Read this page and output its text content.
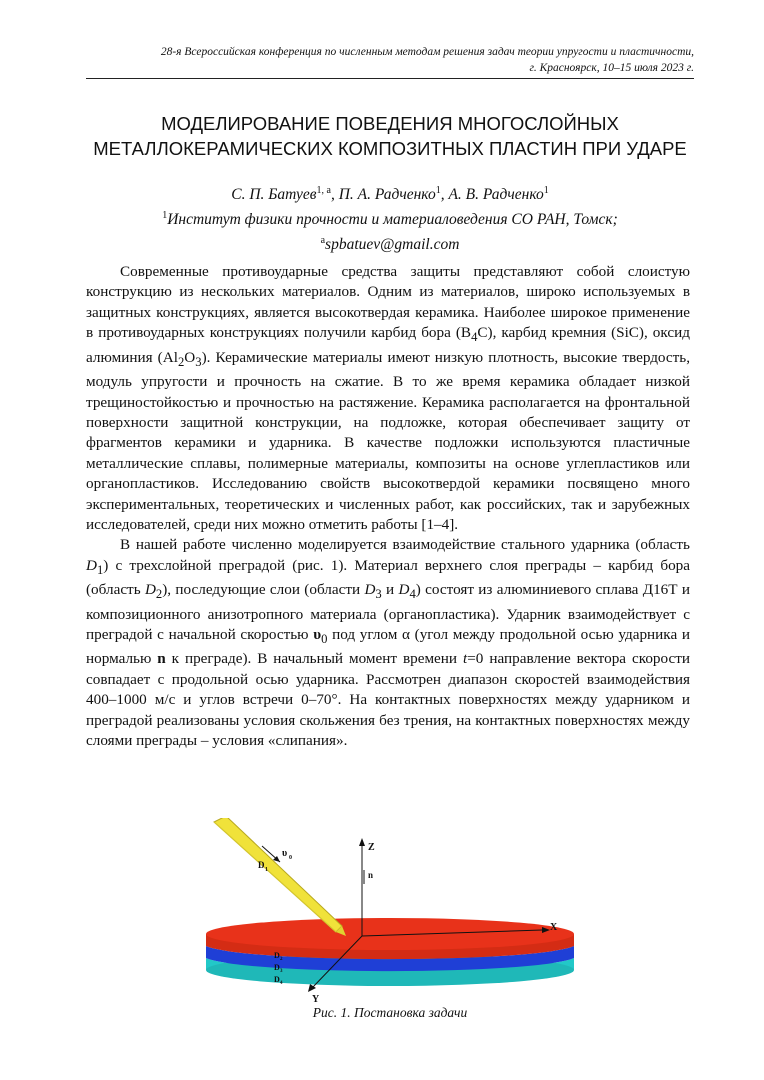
28-я Всероссийская конференция по численным методам решения задач теории упругости и пластичности,
г. Красноярск, 10–15 июля 2023 г.
МОДЕЛИРОВАНИЕ ПОВЕДЕНИЯ МНОГОСЛОЙНЫХ
МЕТАЛЛОКЕРАМИЧЕСКИХ КОМПОЗИТНЫХ ПЛАСТИН ПРИ УДАРЕ
С. П. Батуев$^{1, a}$, П. А. Радченко$^1$, А. В. Радченко$^1$
$^1$Институт физики прочности и материаловедения СО РАН, Томск;
$^a$spbatuev@gmail.com

Современные противоударные средства защиты представляют собой слоистую конструкцию из нескольких материалов. Одним из материалов, широко используемых в защитных конструкциях, является высокотвердая керамика. Наиболее широкое применение в противоударных конструкциях получили карбид бора $(B_4C)$, карбид кремния (SiC), оксид алюминия $(Al_2O_3)$. Керамические материалы имеют низкую плотность, высокие твердость, модуль упругости и прочность на сжатие. В то же время керамика обладает низкой трещиностойкостью и прочностью на растяжение. Керамика располагается на фронтальной поверхности защитной конструкции, на подложке, которая обеспечивает защиту от фрагментов керамики и ударника. В качестве подложки используются пластичные металлические сплавы, полимерные материалы, композиты на основе углепластиков или органопластиков. Исследованию свойств высокотвердой керамики посвящено много экспериментальных, теоретических и численных работ, как российских, так и зарубежных исследователей, среди них можно отметить работы [1–4].

В нашей работе численно моделируется взаимодействие стального ударника (область $D_1$) с трехслойной преградой (рис. 1). Материал верхнего слоя преграды – карбид бора (область $D_2$), последующие слои (области $D_3$ и $D_4$) состоят из алюминиевого сплава Д16Т и композиционного анизотропного материала (органопластика). Ударник взаимодействует с преградой с начальной скоростью $\upsilon_0$ под углом α (угол между продольной осью ударника и нормалью n к преграде). В начальный момент времени t=0 направление вектора скорости совпадает с продольной осью ударника. Рассмотрен диапазон скоростей взаимодействия 400–1000 м/с и углов встречи 0–70°. На контактных поверхностях между ударником и преградой реализованы условия скольжения без трения, на контактных поверхностях между слоями преграды – условия «слипания».

υ 0
D 1
Z
n
X
Y
D 2
D 3
D 4
Рис. 1. Постановка задачи
